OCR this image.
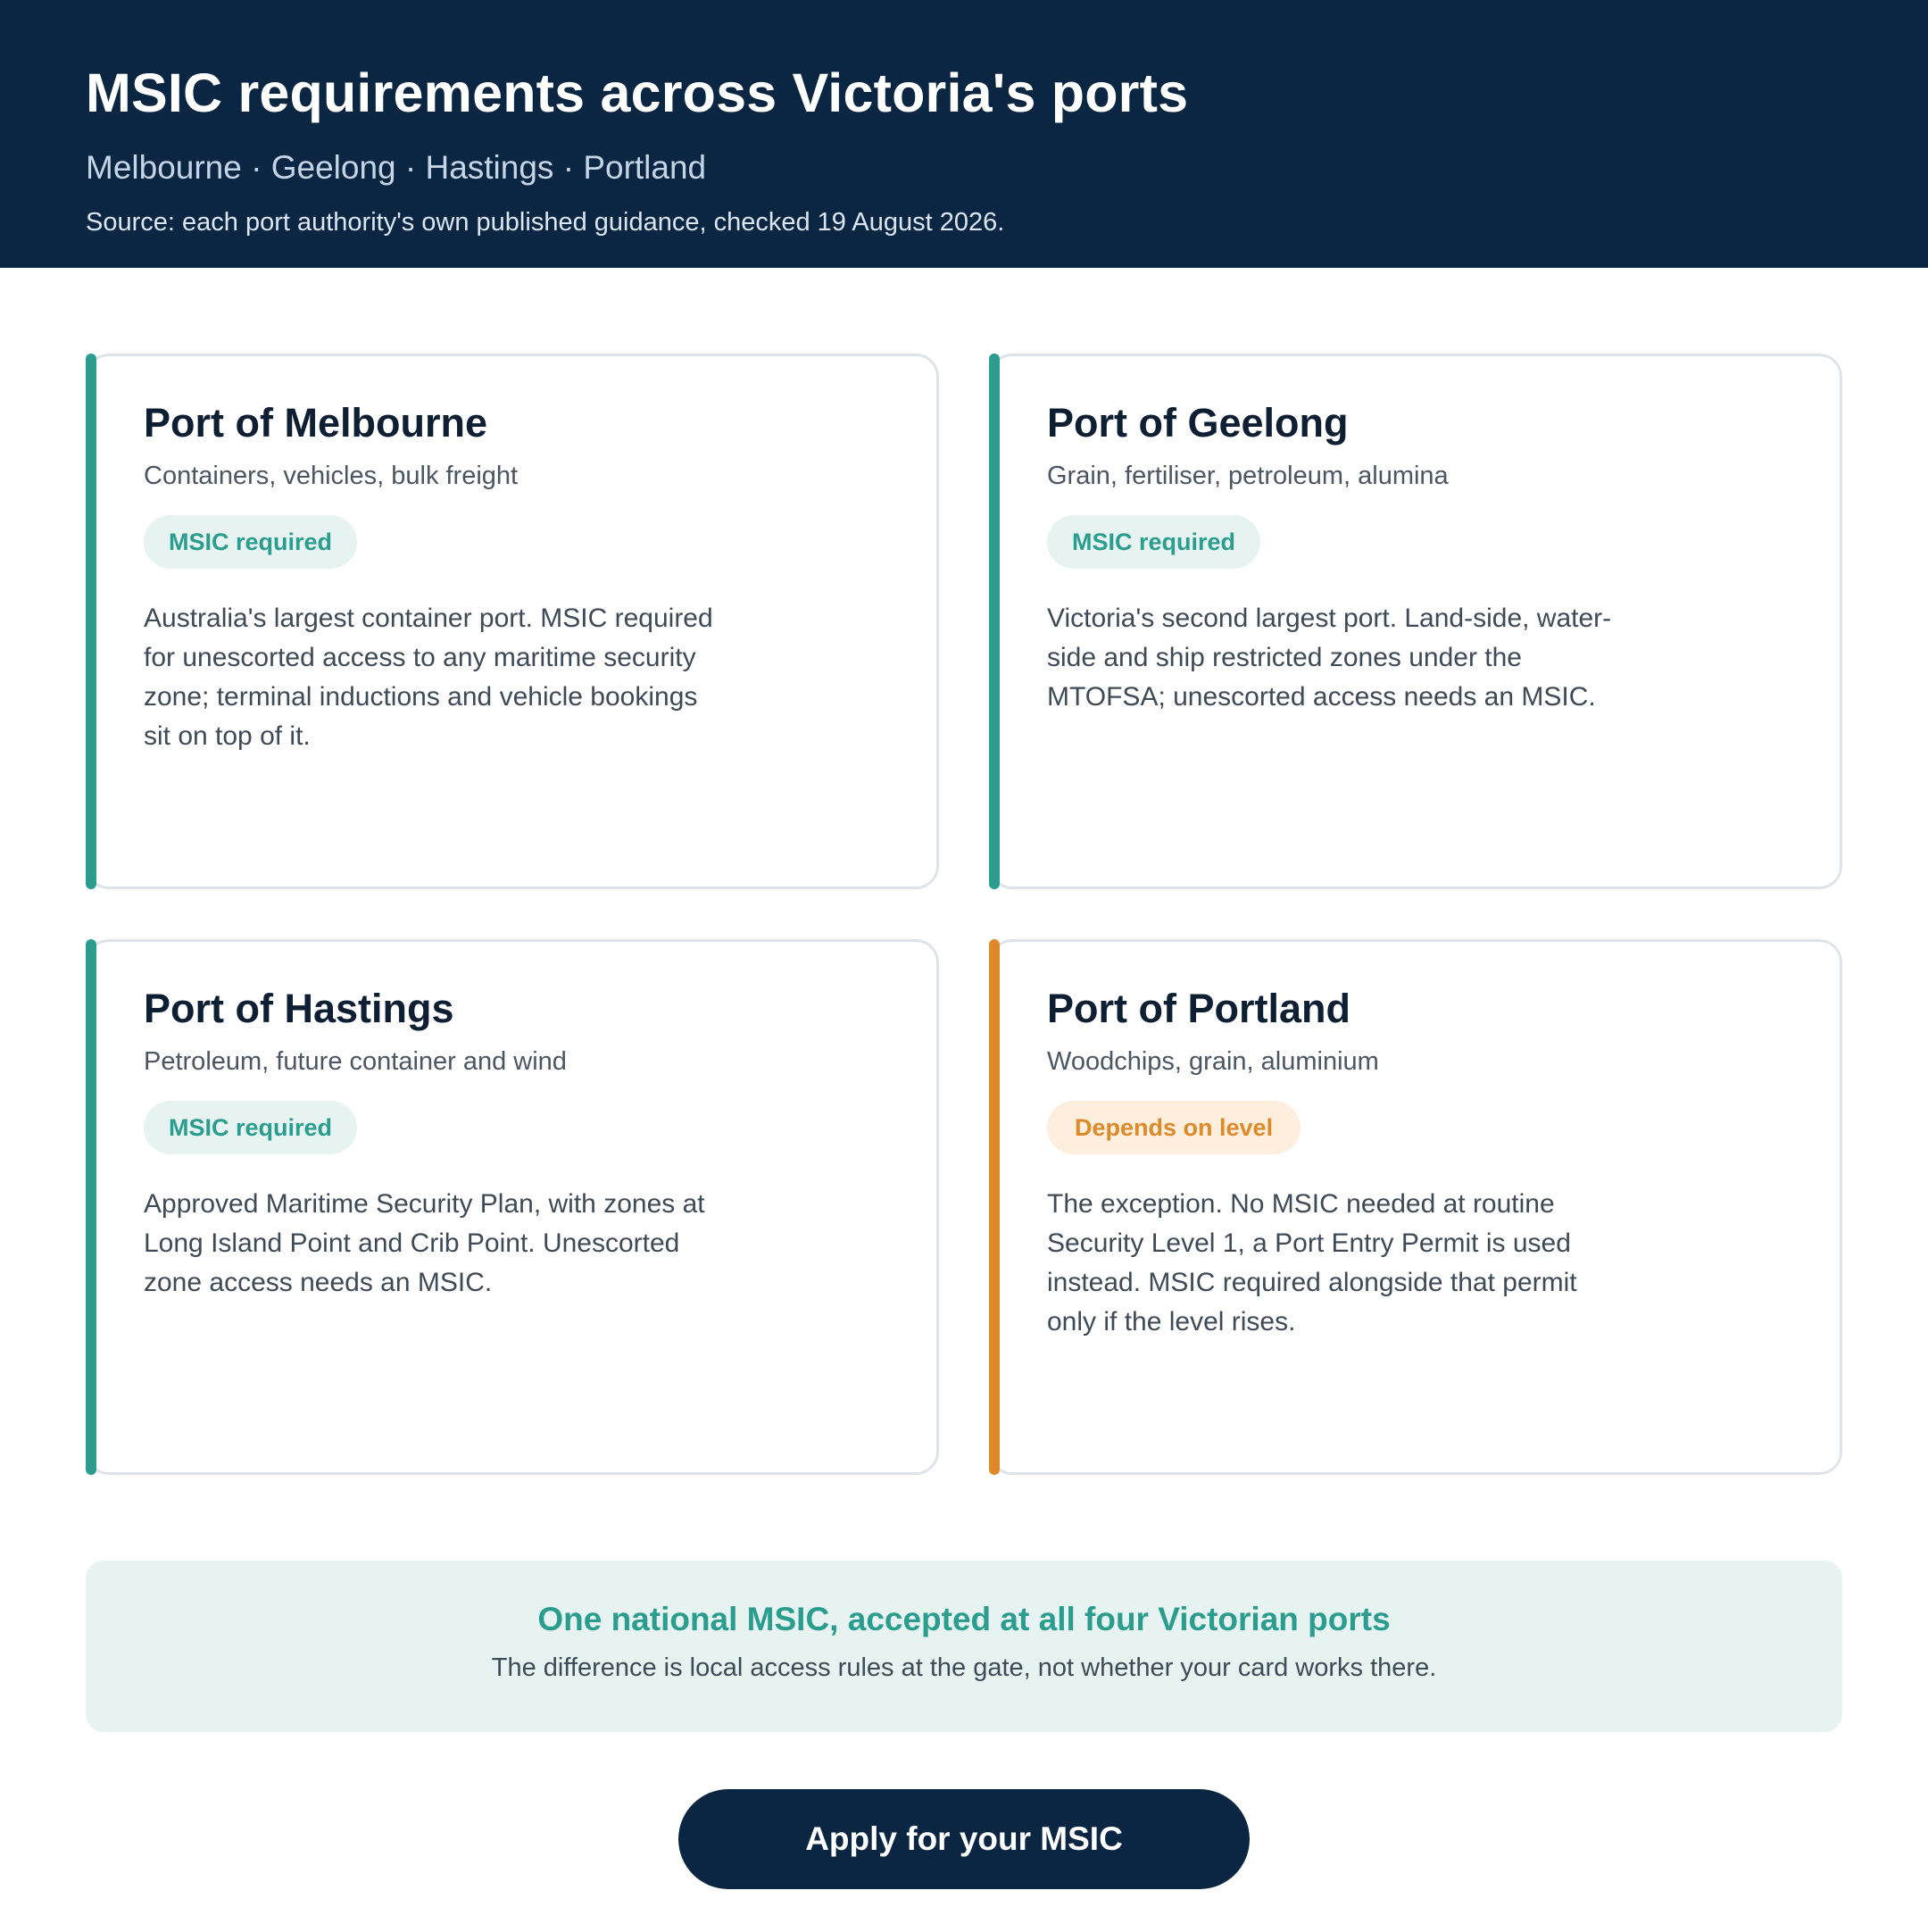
MSIC requirements across Victoria's ports
Melbourne · Geelong · Hastings · Portland
Source: each port authority's own published guidance, checked 19 August 2026.
Port of Melbourne
Containers, vehicles, bulk freight
MSIC required
Australia's largest container port. MSIC required for unescorted access to any maritime security zone; terminal inductions and vehicle bookings sit on top of it.
Port of Geelong
Grain, fertiliser, petroleum, alumina
MSIC required
Victoria's second largest port. Land-side, water-side and ship restricted zones under the MTOFSA; unescorted access needs an MSIC.
Port of Hastings
Petroleum, future container and wind
MSIC required
Approved Maritime Security Plan, with zones at Long Island Point and Crib Point. Unescorted zone access needs an MSIC.
Port of Portland
Woodchips, grain, aluminium
Depends on level
The exception. No MSIC needed at routine Security Level 1, a Port Entry Permit is used instead. MSIC required alongside that permit only if the level rises.
One national MSIC, accepted at all four Victorian ports
The difference is local access rules at the gate, not whether your card works there.
Apply for your MSIC
